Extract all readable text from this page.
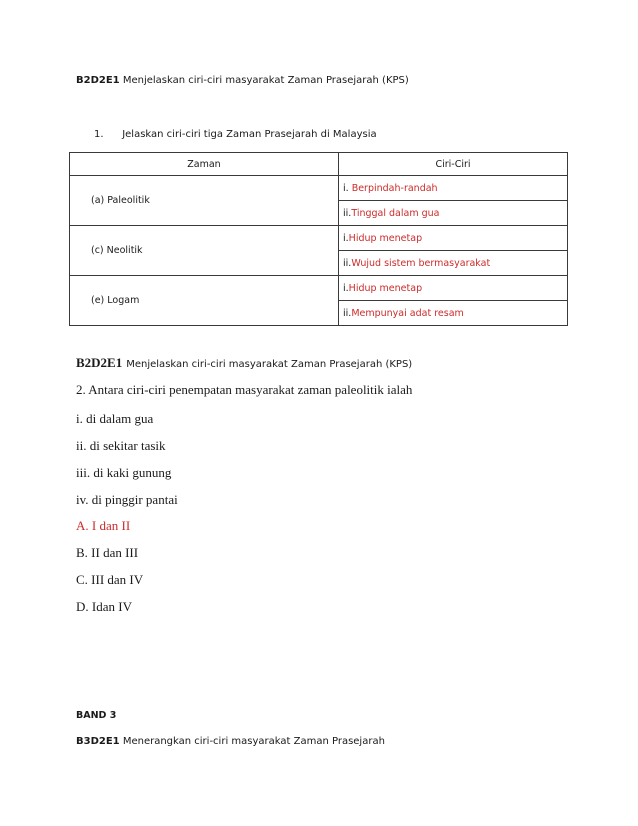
B2D2E1 Menjelaskan ciri-ciri masyarakat Zaman Prasejarah (KPS)
1. Jelaskan ciri-ciri tiga Zaman Prasejarah di Malaysia
Zaman	Ciri-Ciri
(a) Paleolitik	i. Berpindah-randah
	ii.Tinggal dalam gua
(c) Neolitik	i.Hidup menetap
	ii.Wujud sistem bermasyarakat
(e) Logam	i.Hidup menetap
	ii.Mempunyai adat resam
B2D2E1 Menjelaskan ciri-ciri masyarakat Zaman Prasejarah (KPS)
2. Antara ciri-ciri penempatan masyarakat zaman paleolitik ialah
i. di dalam gua
ii. di sekitar tasik
iii. di kaki gunung
iv. di pinggir pantai
A. I dan II
B. II dan III
C. III dan IV
D. Idan IV
BAND 3
B3D2E1 Menerangkan ciri-ciri masyarakat Zaman Prasejarah
